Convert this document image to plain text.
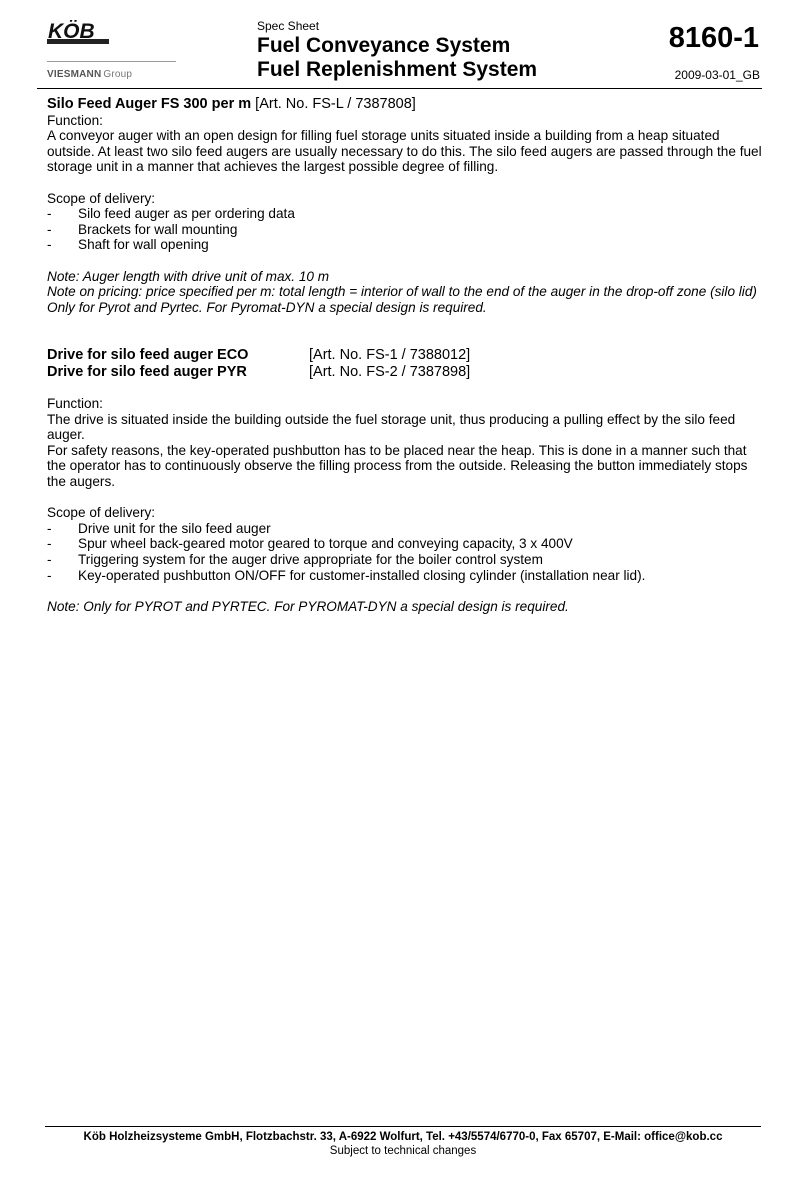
KÖB
VIESMANN Group
Spec Sheet
Fuel Conveyance System
Fuel Replenishment System
8160-1
2009-03-01_GB

Silo Feed Auger FS 300 per m [Art. No. FS-L / 7387808]

Function:

A conveyor auger with an open design for filling fuel storage units situated inside a building from a heap situated outside. At least two silo feed augers are usually necessary to do this. The silo feed augers are passed through the fuel storage unit in a manner that achieves the largest possible degree of filling.

Scope of delivery:

- Silo feed auger as per ordering data
- Brackets for wall mounting
- Shaft for wall opening

Note: Auger length with drive unit of max. 10 m

Note on pricing: price specified per m: total length = interior of wall to the end of the auger in the drop-off zone (silo lid)

Only for Pyrot and Pyrtec. For Pyromat-DYN a special design is required.

Drive for silo feed auger ECO	[Art. No. FS-1 / 7388012]
Drive for silo feed auger PYR	[Art. No. FS-2 / 7387898]

Function:

The drive is situated inside the building outside the fuel storage unit, thus producing a pulling effect by the silo feed auger.

For safety reasons, the key-operated pushbutton has to be placed near the heap. This is done in a manner such that the operator has to continuously observe the filling process from the outside. Releasing the button immediately stops the augers.

Scope of delivery:

- Drive unit for the silo feed auger
- Spur wheel back-geared motor geared to torque and conveying capacity, 3 x 400V
- Triggering system for the auger drive appropriate for the boiler control system
- Key-operated pushbutton ON/OFF for customer-installed closing cylinder (installation near lid).

Note: Only for PYROT and PYRTEC. For PYROMAT-DYN a special design is required.

Köb Holzheizsysteme GmbH, Flotzbachstr. 33, A-6922 Wolfurt, Tel. +43/5574/6770-0, Fax 65707, E-Mail: office@kob.cc
Subject to technical changes
